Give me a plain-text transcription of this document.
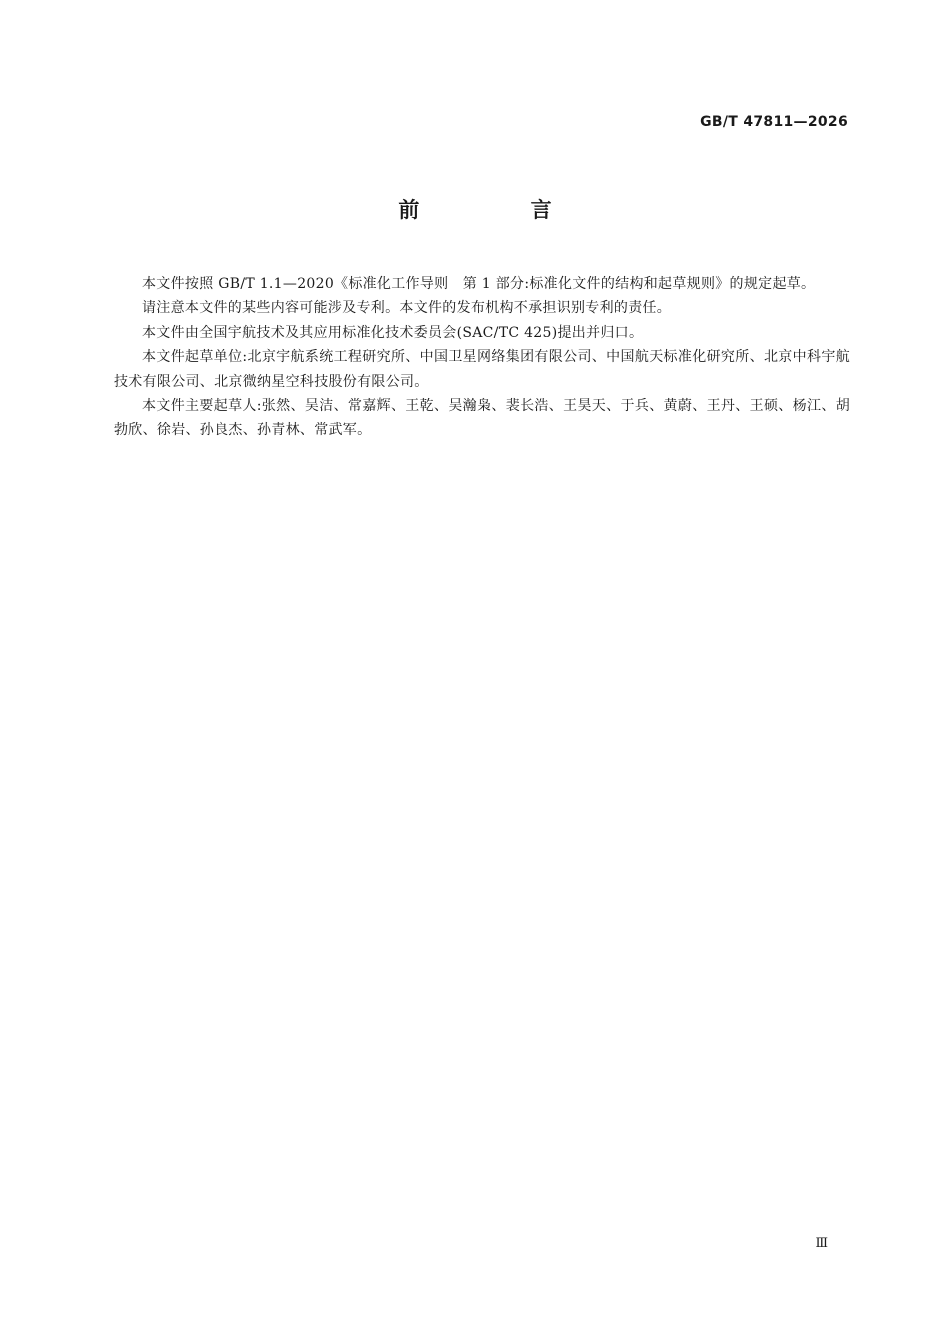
GB/T 47811—2026
前 言

本文件按照 GB/T 1.1—2020《标准化工作导则　第 1 部分:标准化文件的结构和起草规则》的规定起草。

请注意本文件的某些内容可能涉及专利。本文件的发布机构不承担识别专利的责任。

本文件由全国宇航技术及其应用标准化技术委员会(SAC/TC 425)提出并归口。

本文件起草单位:北京宇航系统工程研究所、中国卫星网络集团有限公司、中国航天标准化研究所、北京中科宇航技术有限公司、北京微纳星空科技股份有限公司。

本文件主要起草人:张然、吴洁、常嘉辉、王乾、吴瀚枭、裴长浩、王昊天、于兵、黄蔚、王丹、王硕、杨江、胡勃欣、徐岩、孙良杰、孙青林、常武军。

Ⅲ
